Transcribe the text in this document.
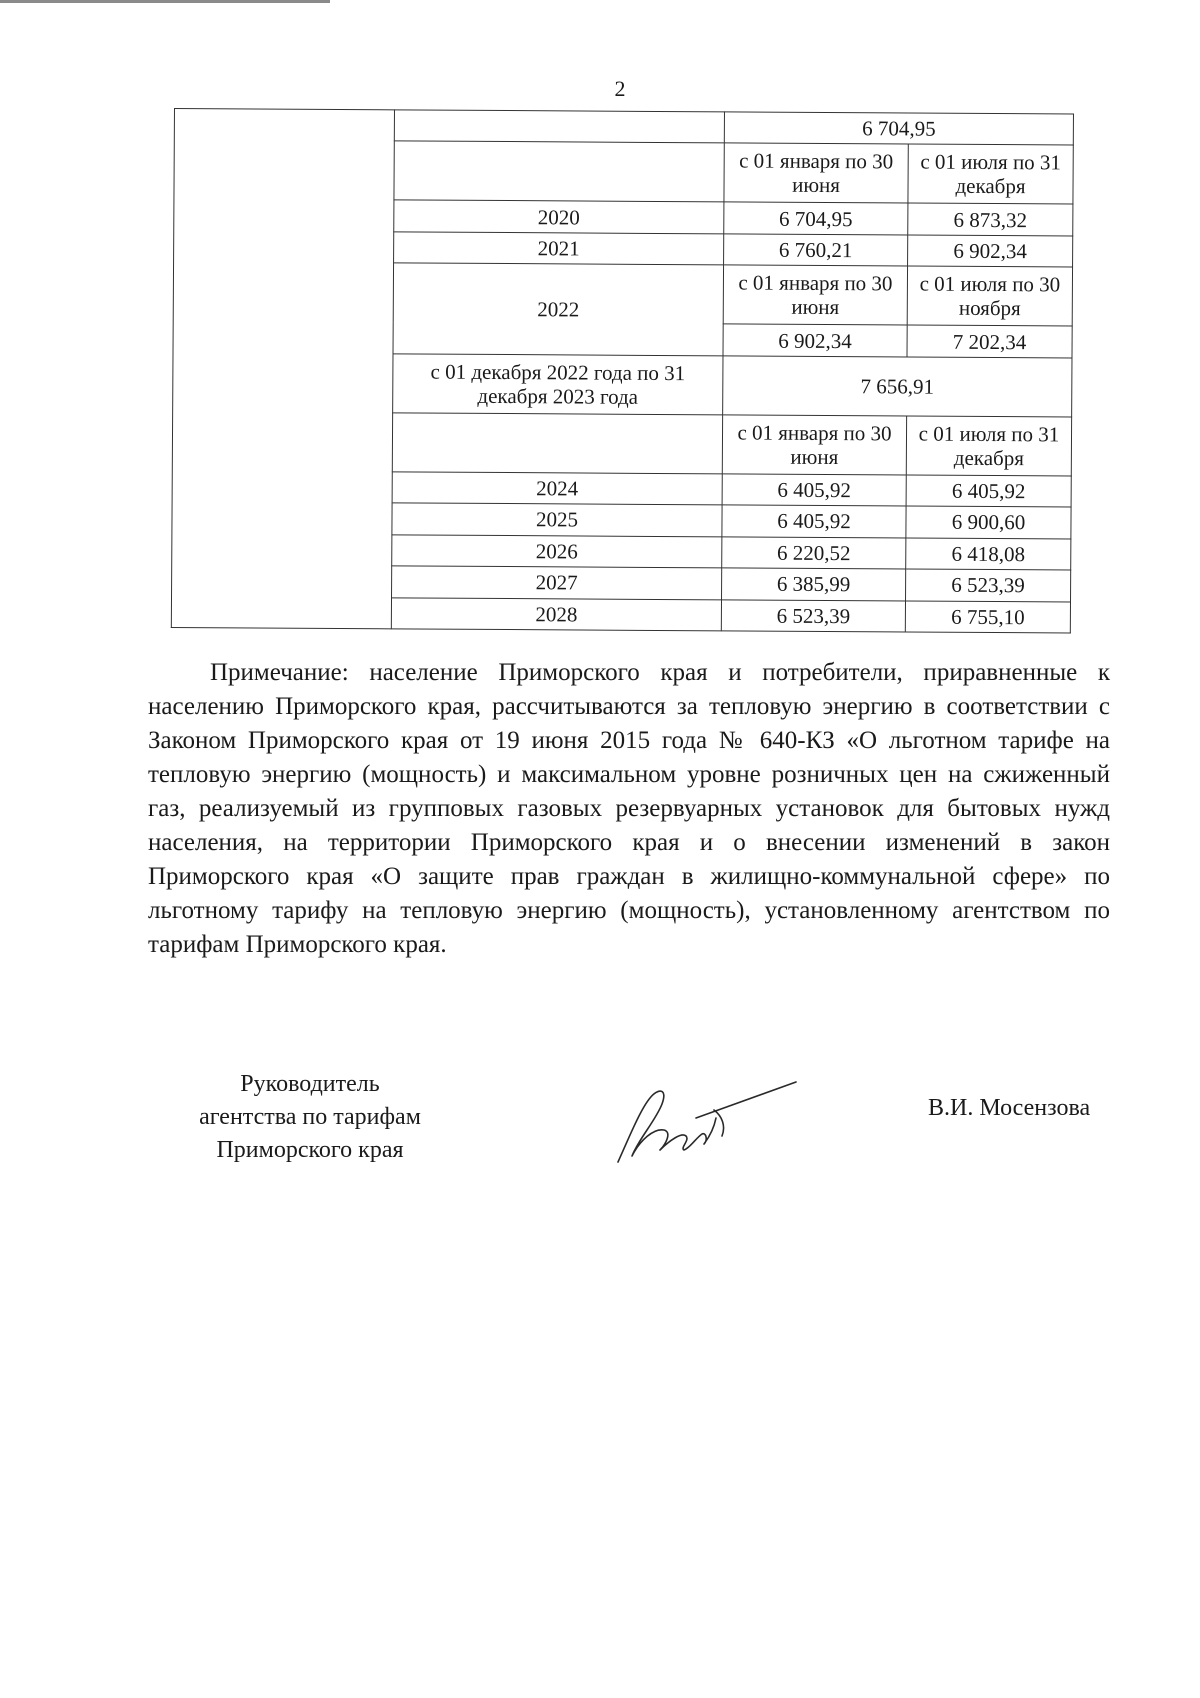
2
		6 704,95	
		с 01 января по 30 июня	с 01 июля по 31 декабря
	2020	6 704,95	6 873,32
	2021	6 760,21	6 902,34
	2022	с 01 января по 30 июня	с 01 июля по 30 ноября
		6 902,34	7 202,34
	с 01 декабря 2022 года по 31 декабря 2023 года	7 656,91	
		с 01 января по 30 июня	с 01 июля по 31 декабря
	2024	6 405,92	6 405,92
	2025	6 405,92	6 900,60
	2026	6 220,52	6 418,08
	2027	6 385,99	6 523,39
	2028	6 523,39	6 755,10

Примечание: население Приморского края и потребители, приравненные к населению Приморского края, рассчитываются за тепловую энергию в соответствии с Законом Приморского края от 19 июня 2015 года № 640-КЗ «О льготном тарифе на тепловую энергию (мощность) и максимальном уровне розничных цен на сжиженный газ, реализуемый из групповых газовых резервуарных установок для бытовых нужд населения, на территории Приморского края и о внесении изменений в закон Приморского края «О защите прав граждан в жилищно-коммунальной сфере» по льготному тарифу на тепловую энергию (мощность), установленному агентством по тарифам Приморского края.

Руководитель
агентства по тарифам
Приморского края
В.И. Мосензова
